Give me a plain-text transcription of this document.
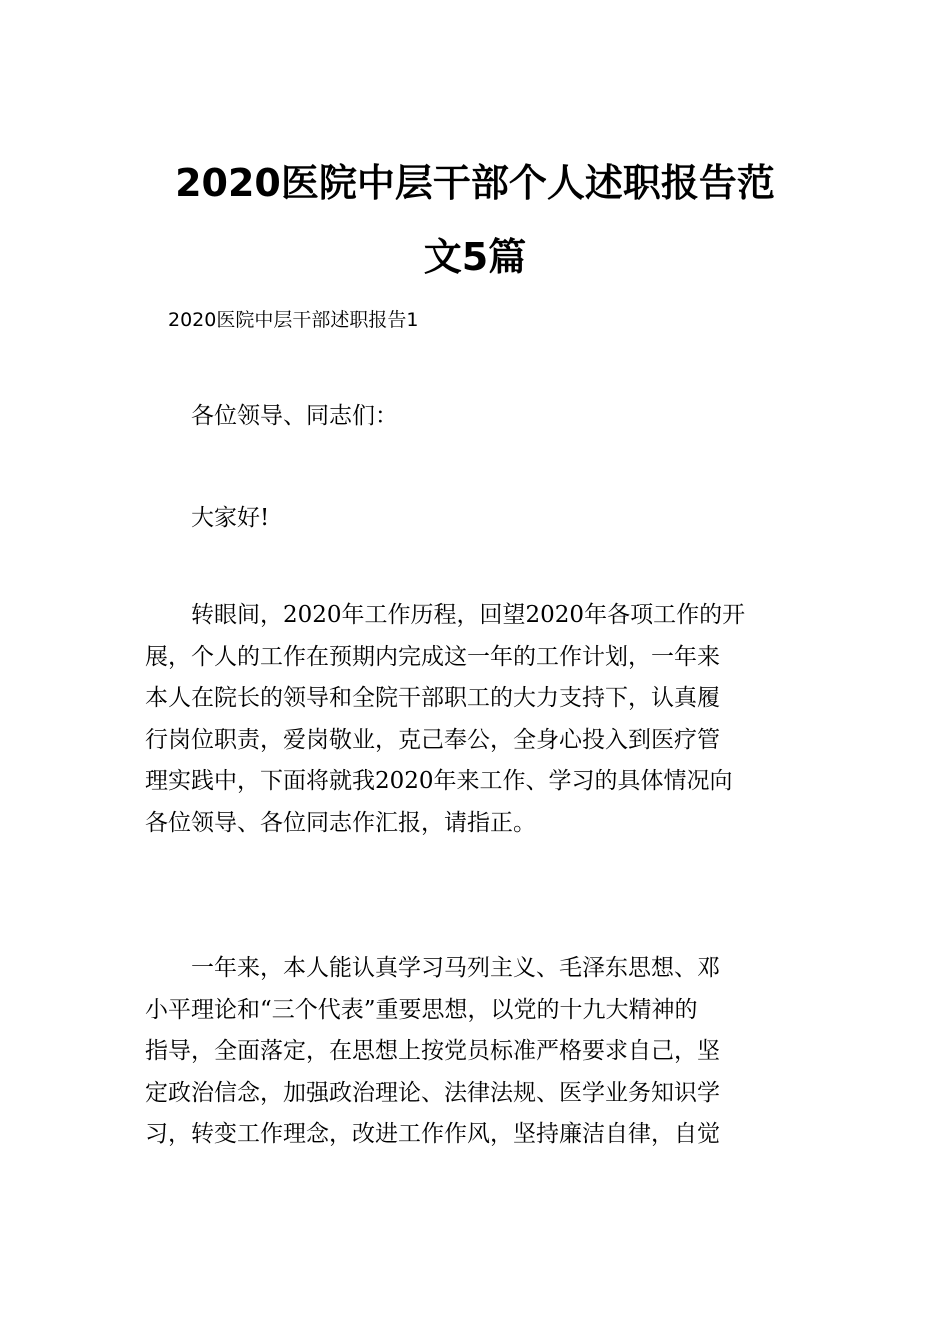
2020医院中层干部个人述职报告范
文5篇
2020医院中层干部述职报告1

各位领导、同志们：

大家好!

转眼间，2020年工作历程，回望2020年各项工作的开
展，个人的工作在预期内完成这一年的工作计划，一年来
本人在院长的领导和全院干部职工的大力支持下，认真履
行岗位职责，爱岗敬业，克己奉公，全身心投入到医疗管
理实践中，下面将就我2020年来工作、学习的具体情况向
各位领导、各位同志作汇报，请指正。

一年来，本人能认真学习马列主义、毛泽东思想、邓
小平理论和“三个代表”重要思想，以党的十九大精神的
指导，全面落定，在思想上按党员标准严格要求自己，坚
定政治信念，加强政治理论、法律法规、医学业务知识学
习，转变工作理念，改进工作作风，坚持廉洁自律，自觉
